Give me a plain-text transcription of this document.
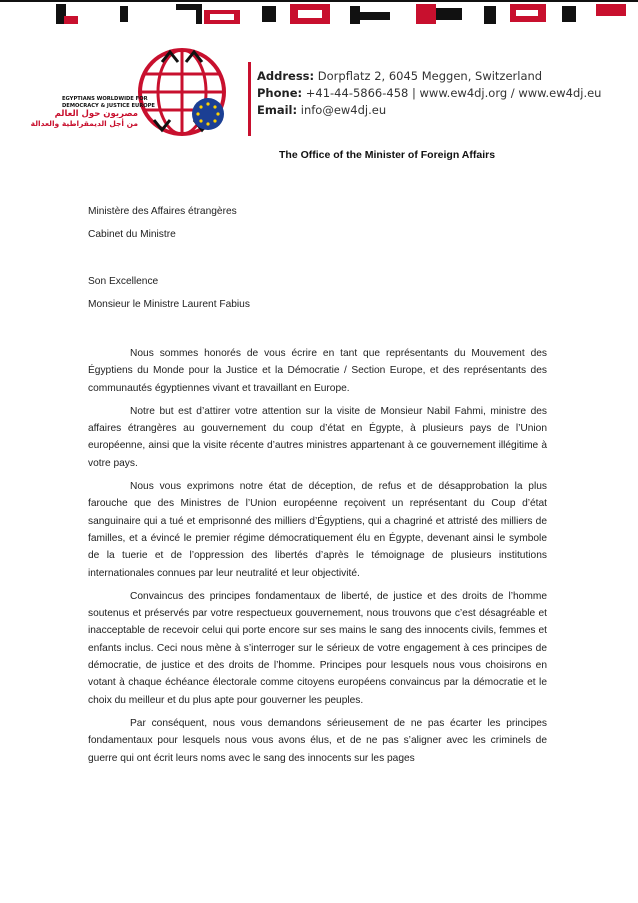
EGYPTIANS WORLDWIDE FOR
DEMOCRACY & JUSTICE EUROPE
مصريون حول العالم
من أجل الديمقراطية والعدالة
Address: Dorpflatz 2, 6045 Meggen, Switzerland
Phone: +41-44-5866-458 | www.ew4dj.org / www.ew4dj.eu
Email: info@ew4dj.eu
The Office of the Minister of Foreign Affairs
Ministère des Affaires étrangères
Cabinet du Ministre
Son Excellence
Monsieur le Ministre Laurent Fabius

Nous sommes honorés de vous écrire en tant que représentants du Mouvement des Égyptiens du Monde pour la Justice et la Démocratie / Section Europe, et des représentants des communautés égyptiennes vivant et travaillant en Europe.

Notre but est d’attirer votre attention sur la visite de Monsieur Nabil Fahmi, ministre des affaires étrangères au gouvernement du coup d’état en Égypte, à plusieurs pays de l’Union européenne, ainsi que la visite récente d’autres ministres appartenant à ce gouvernement illégitime à votre pays.

Nous vous exprimons notre état de déception, de refus et de désapprobation la plus farouche que des Ministres de l’Union européenne reçoivent un représentant du Coup d’état sanguinaire qui a tué et emprisonné des milliers d’Égyptiens, qui a chagriné et attristé des milliers de familles, et a évincé le premier régime démocratiquement élu en Égypte, devenant ainsi le symbole de la tuerie et de l’oppression des libertés d’après le témoignage de plusieurs institutions internationales connues par leur neutralité et leur objectivité.

Convaincus des principes fondamentaux de liberté, de justice et des droits de l’homme soutenus et préservés par votre respectueux gouvernement, nous trouvons que c’est désagréable et inacceptable de recevoir celui qui porte encore sur ses mains le sang des innocents civils, femmes et enfants inclus. Ceci nous mène à s’interroger sur le sérieux de votre engagement à ces principes de démocratie, de justice et des droits de l’homme. Principes pour lesquels nous vous choisirons en votant à chaque échéance électorale comme citoyens européens convaincus par la démocratie et le choix du meilleur et du plus apte pour gouverner les peuples.

Par conséquent, nous vous demandons sérieusement de ne pas écarter les principes fondamentaux pour lesquels nous vous avons élus, et de ne pas s’aligner avec les criminels de guerre qui ont écrit leurs noms avec le sang des innocents sur les pages
